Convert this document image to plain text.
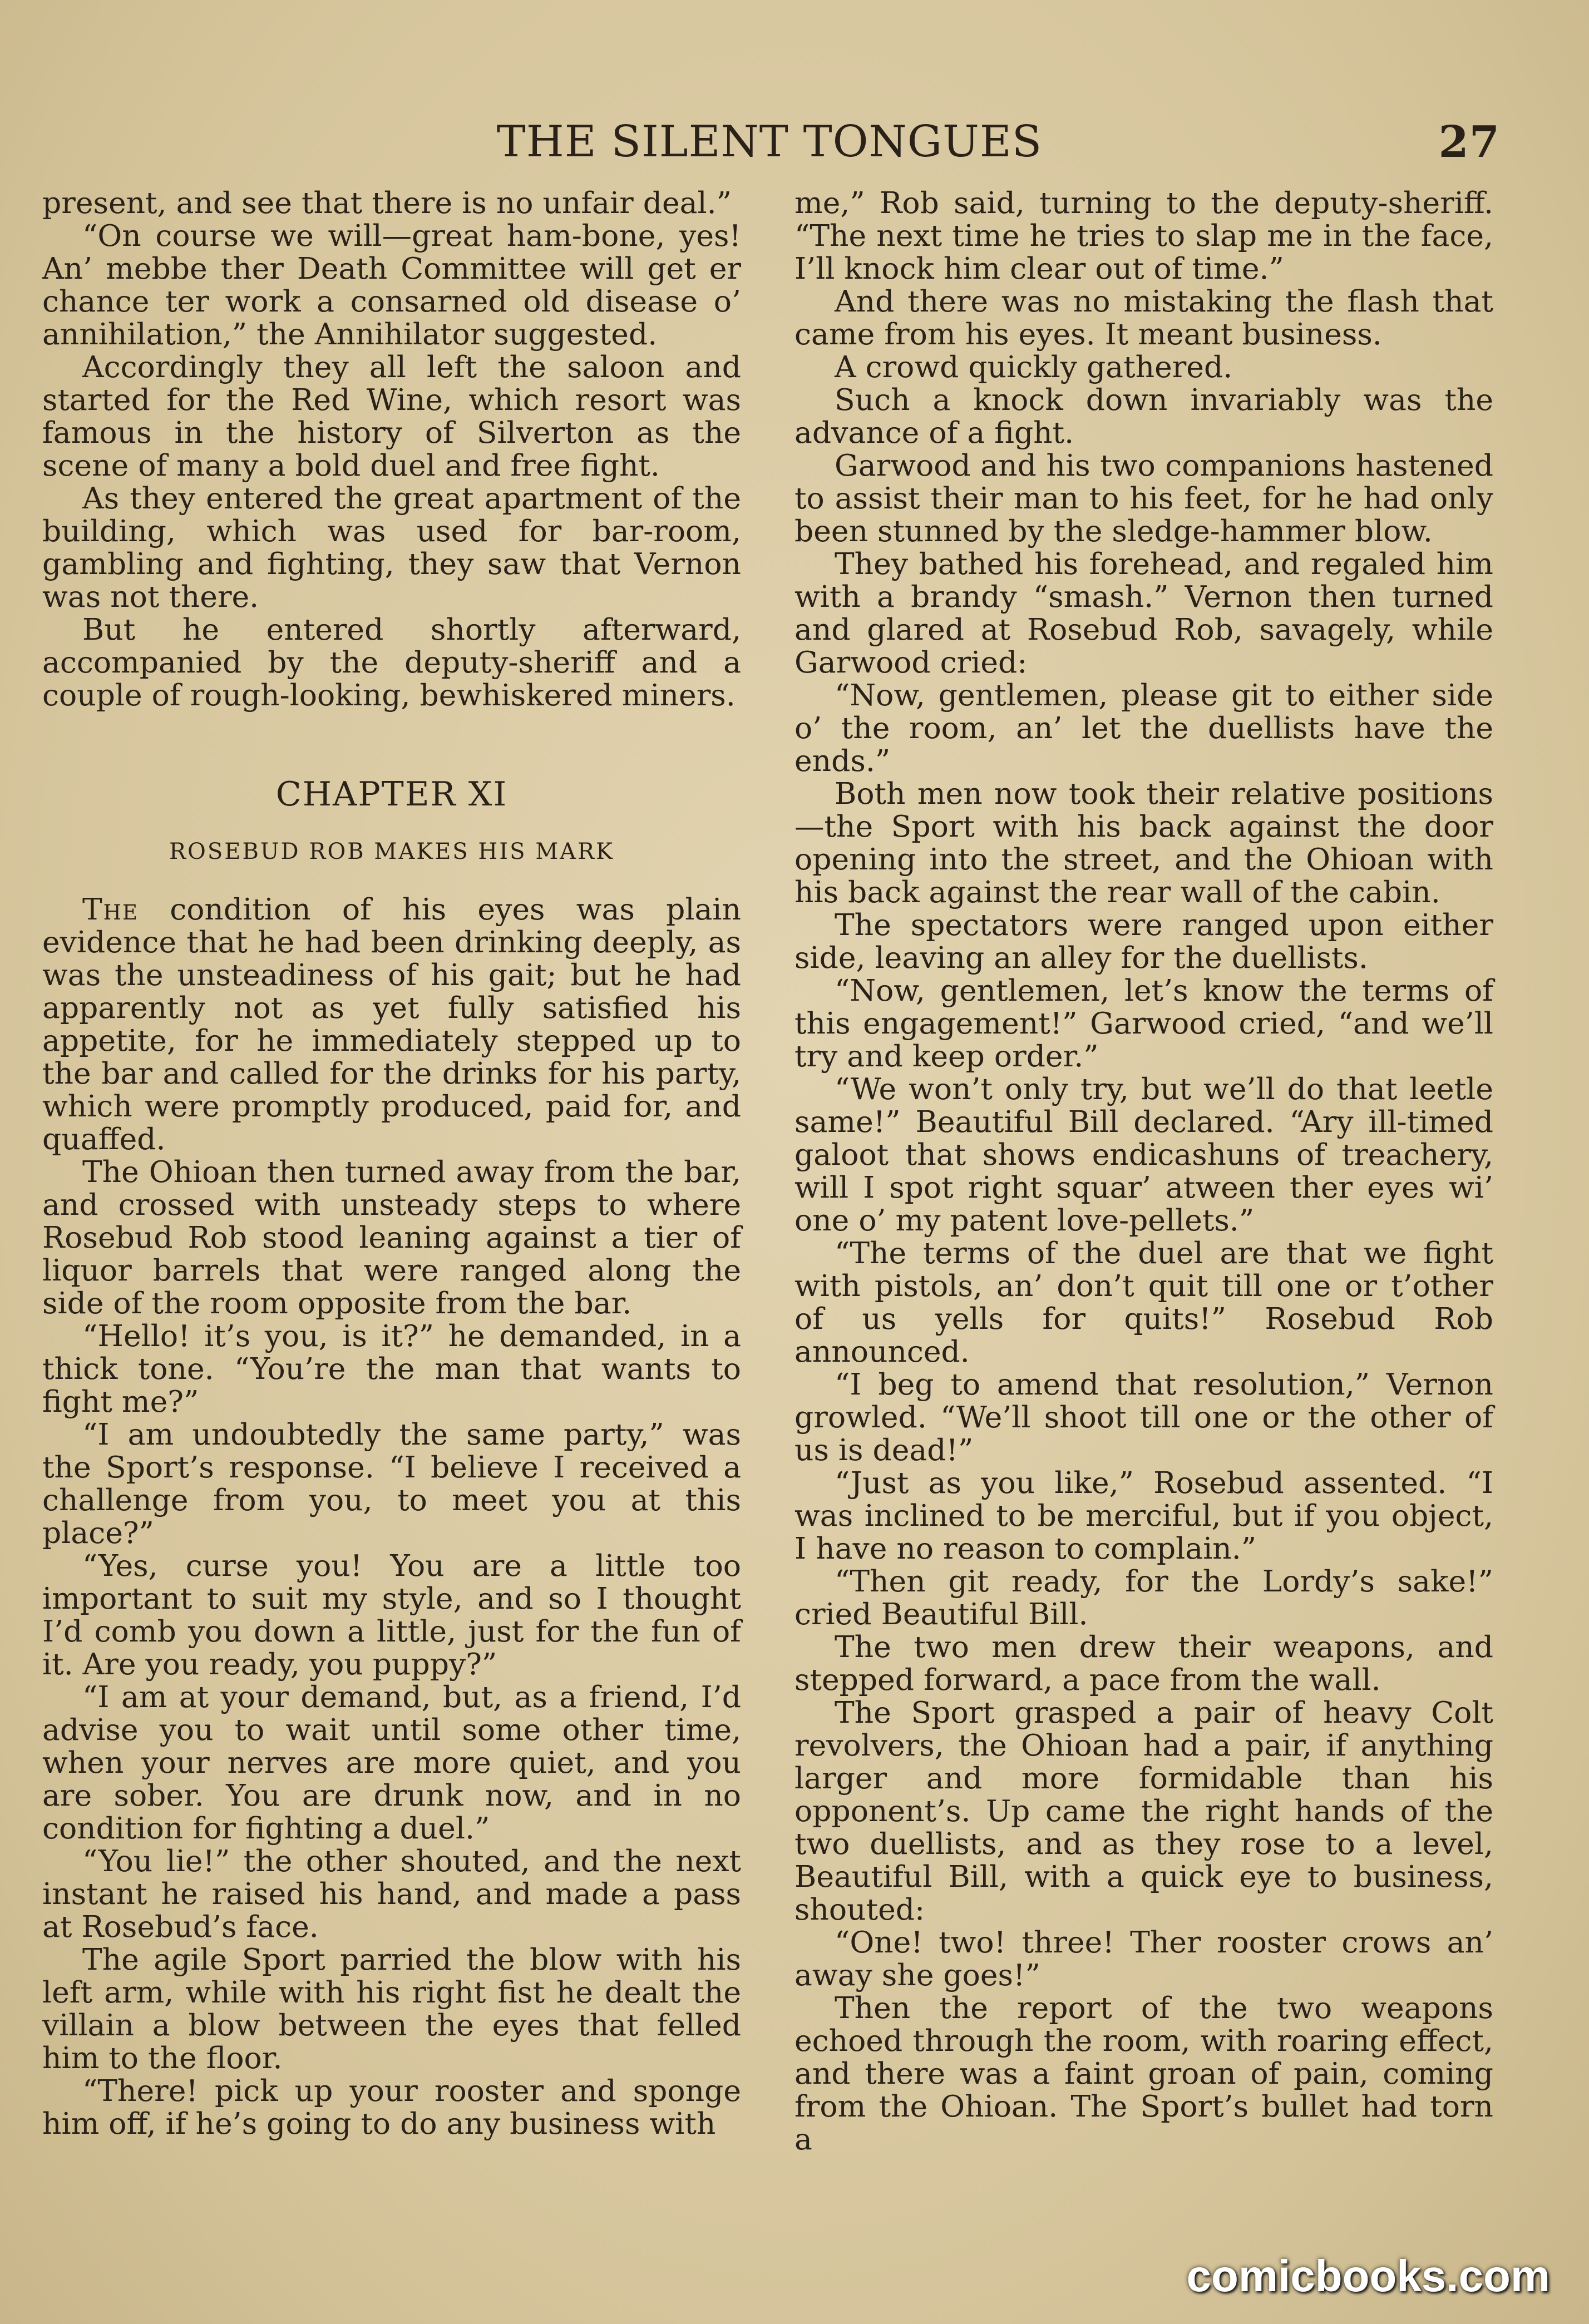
THE SILENT TONGUES	27

present, and see that there is no unfair deal.”

“On course we will—great ham-bone, yes! An’ mebbe ther Death Committee will get er chance ter work a consarned old disease o’ annihilation,” the Annihilator suggested.

Accordingly they all left the saloon and started for the Red Wine, which resort was famous in the history of Silverton as the scene of many a bold duel and free fight.

As they entered the great apartment of the building, which was used for bar-room, gambling and fighting, they saw that Vernon was not there.

But he entered shortly afterward, accompanied by the deputy-sheriff and a couple of rough-looking, bewhiskered miners.

CHAPTER XI
ROSEBUD ROB MAKES HIS MARK

The condition of his eyes was plain evidence that he had been drinking deeply, as was the unsteadiness of his gait; but he had apparently not as yet fully satisfied his appetite, for he immediately stepped up to the bar and called for the drinks for his party, which were promptly produced, paid for, and quaffed.

The Ohioan then turned away from the bar, and crossed with unsteady steps to where Rosebud Rob stood leaning against a tier of liquor barrels that were ranged along the side of the room opposite from the bar.

“Hello! it’s you, is it?” he demanded, in a thick tone. “You’re the man that wants to fight me?”

“I am undoubtedly the same party,” was the Sport’s response. “I believe I received a challenge from you, to meet you at this place?”

“Yes, curse you! You are a little too important to suit my style, and so I thought I’d comb you down a little, just for the fun of it. Are you ready, you puppy?”

“I am at your demand, but, as a friend, I’d advise you to wait until some other time, when your nerves are more quiet, and you are sober. You are drunk now, and in no condition for fighting a duel.”

“You lie!” the other shouted, and the next instant he raised his hand, and made a pass at Rosebud’s face.

The agile Sport parried the blow with his left arm, while with his right fist he dealt the villain a blow between the eyes that felled him to the floor.

“There! pick up your rooster and sponge him off, if he’s going to do any business with

me,” Rob said, turning to the deputy-sheriff. “The next time he tries to slap me in the face, I’ll knock him clear out of time.”

And there was no mistaking the flash that came from his eyes. It meant business.

A crowd quickly gathered.

Such a knock down invariably was the advance of a fight.

Garwood and his two companions hastened to assist their man to his feet, for he had only been stunned by the sledge-hammer blow.

They bathed his forehead, and regaled him with a brandy “smash.” Vernon then turned and glared at Rosebud Rob, savagely, while Garwood cried:

“Now, gentlemen, please git to either side o’ the room, an’ let the duellists have the ends.”

Both men now took their relative positions—the Sport with his back against the door opening into the street, and the Ohioan with his back against the rear wall of the cabin.

The spectators were ranged upon either side, leaving an alley for the duellists.

“Now, gentlemen, let’s know the terms of this engagement!” Garwood cried, “and we’ll try and keep order.”

“We won’t only try, but we’ll do that leetle same!” Beautiful Bill declared. “Ary ill-timed galoot that shows endicashuns of treachery, will I spot right squar’ atween ther eyes wi’ one o’ my patent love-pellets.”

“The terms of the duel are that we fight with pistols, an’ don’t quit till one or t’other of us yells for quits!” Rosebud Rob announced.

“I beg to amend that resolution,” Vernon growled. “We’ll shoot till one or the other of us is dead!”

“Just as you like,” Rosebud assented. “I was inclined to be merciful, but if you object, I have no reason to complain.”

“Then git ready, for the Lordy’s sake!” cried Beautiful Bill.

The two men drew their weapons, and stepped forward, a pace from the wall.

The Sport grasped a pair of heavy Colt revolvers, the Ohioan had a pair, if anything larger and more formidable than his opponent’s. Up came the right hands of the two duellists, and as they rose to a level, Beautiful Bill, with a quick eye to business, shouted:

“One! two! three! Ther rooster crows an’ away she goes!”

Then the report of the two weapons echoed through the room, with roaring effect, and there was a faint groan of pain, coming from the Ohioan. The Sport’s bullet had torn a

comicbooks.com
